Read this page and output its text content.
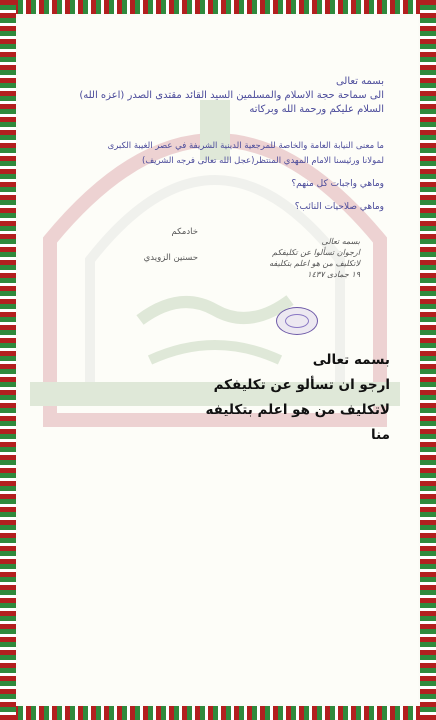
بسمه تعالى
الى سماحة حجة الاسلام والمسلمين السيد القائد مقتدى الصدر (اعزه الله)
السلام عليكم ورحمة الله وبركاته
ما معنى النيابة العامة والخاصة للمرجعية الدينية الشريفة في عصر الغيبة الكبرى
لمولانا ورئيسنا الامام المهدي المنتظر(عجل الله تعالى فرجه الشريف)
وماهي واجبات كل منهم؟
وماهي صلاحيات النائب؟
خادمكم
حسنين الزويدي
بسمه تعالى
ارجوان تسألوا عن تكليفكم
لاتكليف من هو اعلم بتكليفه
١٩ جمادى ١٤٣٧
بسمه تعالى
ارجو ان تسألو عن تكليفكم
لاتكليف من هو اعلم بتكليفه
منا
